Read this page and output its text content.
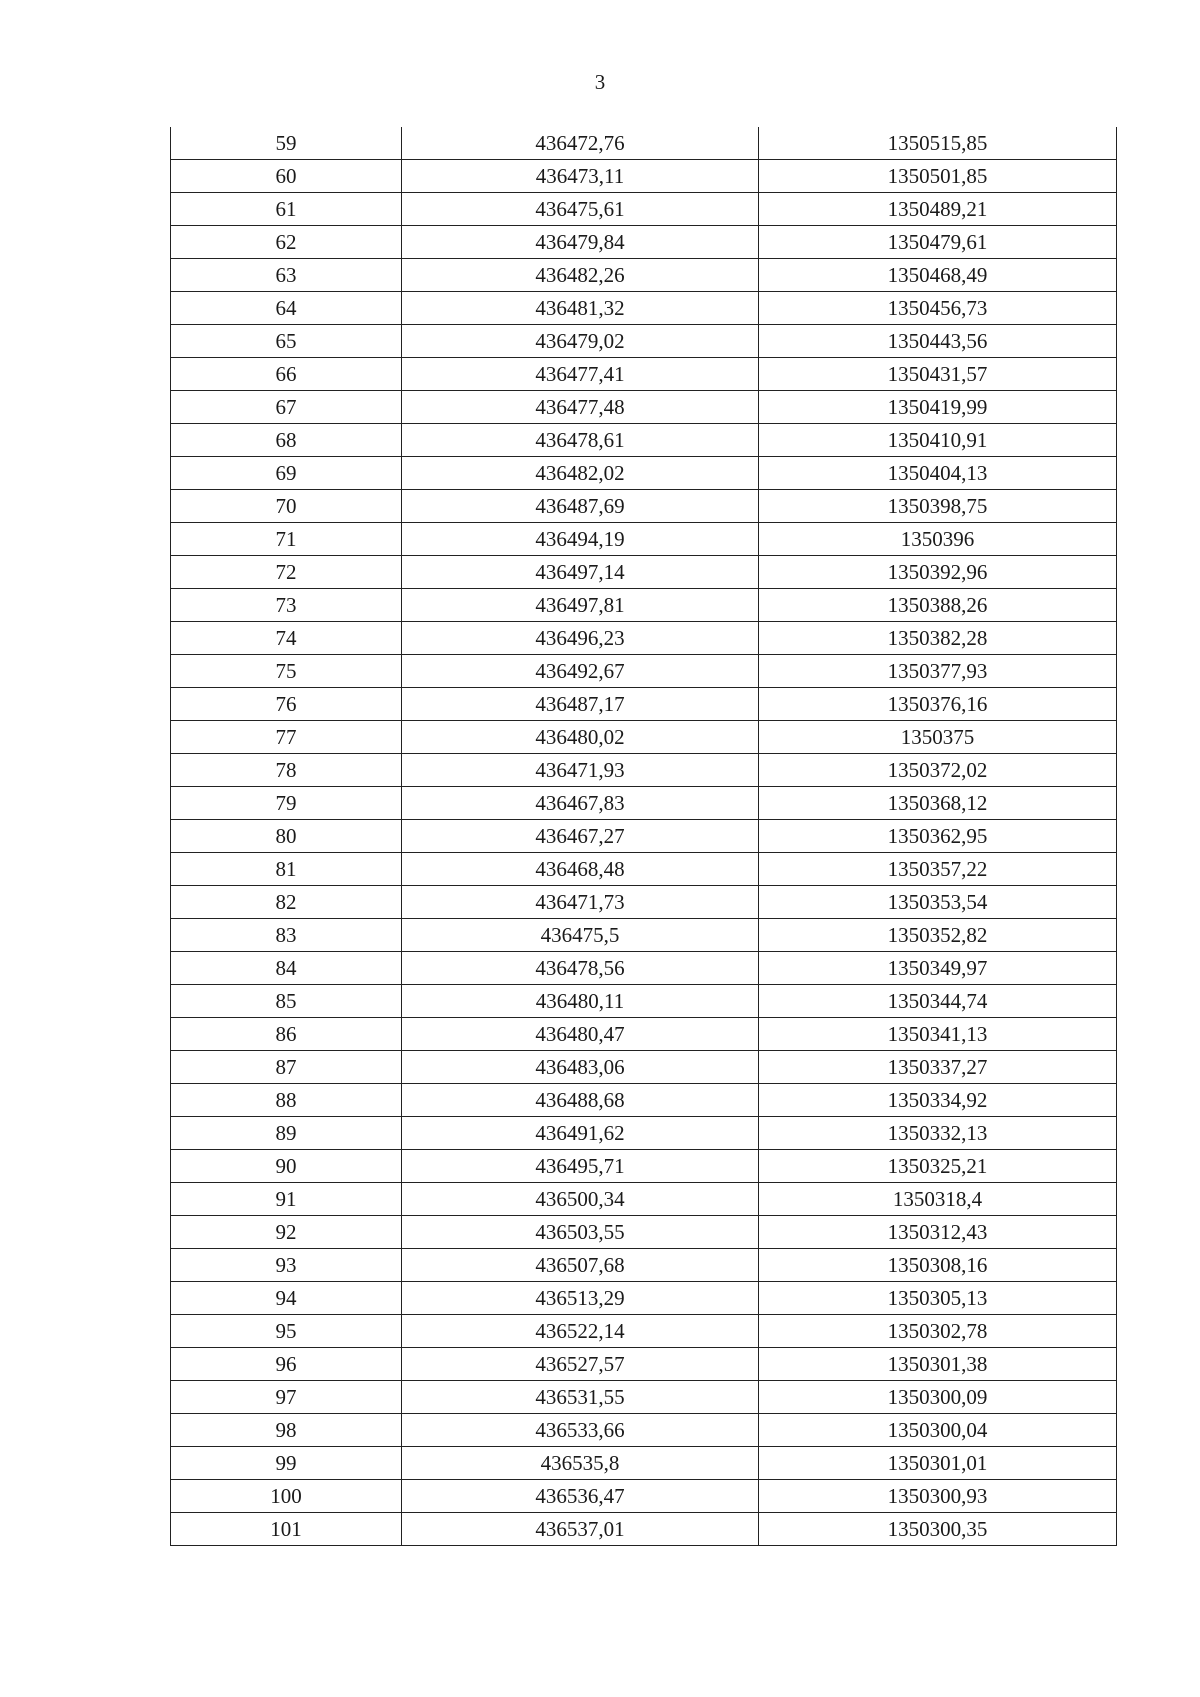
3
59	436472,76	1350515,85
60	436473,11	1350501,85
61	436475,61	1350489,21
62	436479,84	1350479,61
63	436482,26	1350468,49
64	436481,32	1350456,73
65	436479,02	1350443,56
66	436477,41	1350431,57
67	436477,48	1350419,99
68	436478,61	1350410,91
69	436482,02	1350404,13
70	436487,69	1350398,75
71	436494,19	1350396
72	436497,14	1350392,96
73	436497,81	1350388,26
74	436496,23	1350382,28
75	436492,67	1350377,93
76	436487,17	1350376,16
77	436480,02	1350375
78	436471,93	1350372,02
79	436467,83	1350368,12
80	436467,27	1350362,95
81	436468,48	1350357,22
82	436471,73	1350353,54
83	436475,5	1350352,82
84	436478,56	1350349,97
85	436480,11	1350344,74
86	436480,47	1350341,13
87	436483,06	1350337,27
88	436488,68	1350334,92
89	436491,62	1350332,13
90	436495,71	1350325,21
91	436500,34	1350318,4
92	436503,55	1350312,43
93	436507,68	1350308,16
94	436513,29	1350305,13
95	436522,14	1350302,78
96	436527,57	1350301,38
97	436531,55	1350300,09
98	436533,66	1350300,04
99	436535,8	1350301,01
100	436536,47	1350300,93
101	436537,01	1350300,35
